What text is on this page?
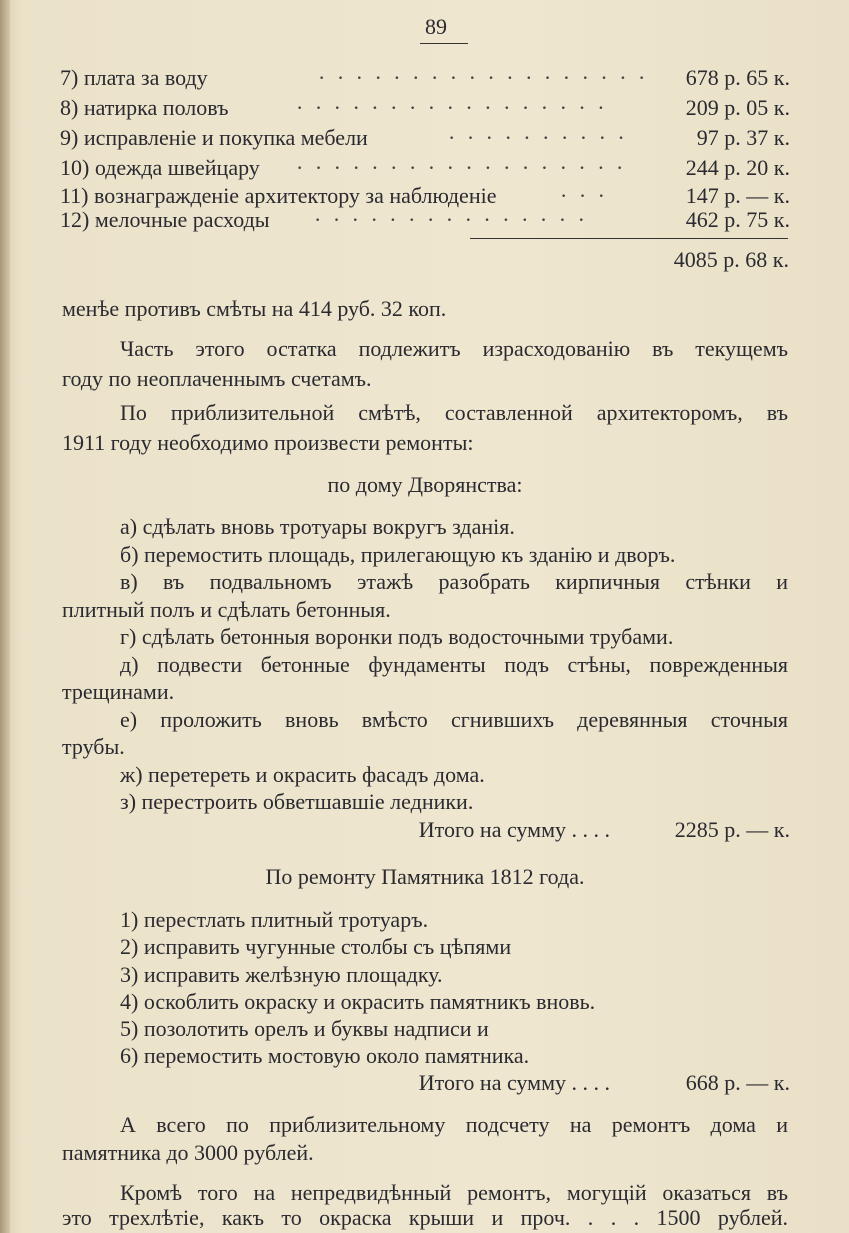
89
7) плата за воду	· · · · · · · · · · · · · · · · · · 678 р. 65 к.
8) натирка половъ	· · · · · · · · · · · · · · · · ·	209 р. 05 к.
9) исправленіе и покупка мебели	· · · · · · · · · ·	97 р. 37 к.
10) одежда швейцару · · · · · · · · · · · · · · · · · ·	244 р. 20 к.
11) вознагражденіе архитектору за наблюденіе	· · ·	147 р. — к.
12) мелочные расходы · · · · · · · · · · · · · · ·	462 р. 75 к.
4085 р. 68 к.
менѣе противъ смѣты на 414 руб. 32 коп.
Часть этого остатка подлежитъ израсходованію въ текущемъ
году по неоплаченнымъ счетамъ.
По приблизительной смѣтѣ, составленной архитекторомъ, въ
1911 году необходимо произвести ремонты:
по дому Дворянства:
а) сдѣлать вновь тротуары вокругъ зданія.
б) перемостить площадь, прилегающую къ зданію и дворъ.
в) въ подвальномъ этажѣ разобрать кирпичныя стѣнки и
плитный полъ и сдѣлать бетонныя.
г) сдѣлать бетонныя воронки подъ водосточными трубами.
д) подвести бетонные фундаменты подъ стѣны, поврежденныя
трещинами.
е) проложить вновь вмѣсто сгнившихъ деревянныя сточныя
трубы.
ж) перетереть и окрасить фасадъ дома.
з) перестроить обветшавшіе ледники.
Итого на сумму . . . .	2285 р. — к.
По ремонту Памятника 1812 года.
1) перестлать плитный тротуаръ.
2) исправить чугунные столбы съ цѣпями
3) исправить желѣзную площадку.
4) оскоблить окраску и окрасить памятникъ вновь.
5) позолотить орелъ и буквы надписи и
6) перемостить мостовую около памятника.
Итого на сумму . . . .	668 р. — к.
А всего по приблизительному подсчету на ремонтъ дома и
памятника до 3000 рублей.
Кромѣ того на непредвидѣнный ремонтъ, могущій оказаться въ
это трехлѣтіе, какъ то окраска крыши и проч. . . . 1500 рублей.
